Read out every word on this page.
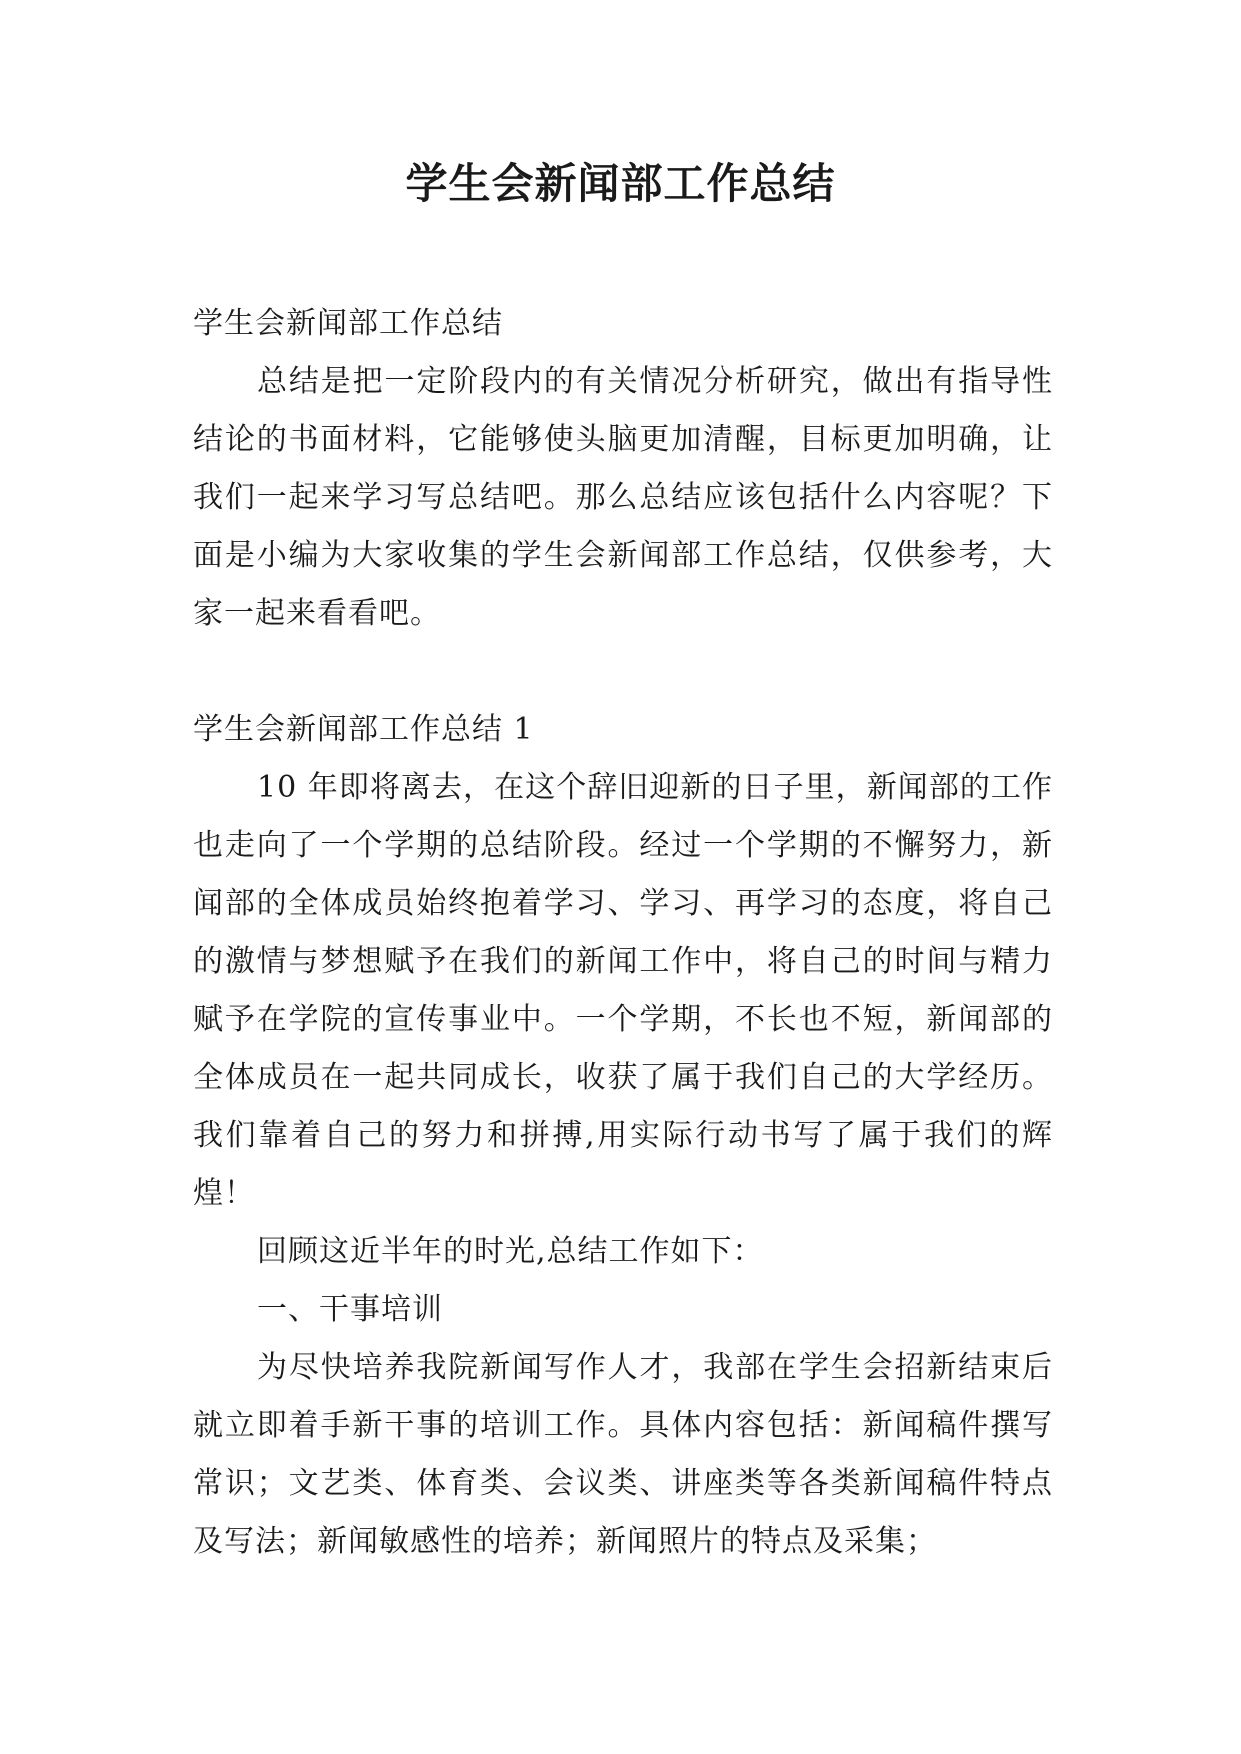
学生会新闻部工作总结

学生会新闻部工作总结

总结是把一定阶段内的有关情况分析研究，做出有指导性结论的书面材料，它能够使头脑更加清醒，目标更加明确，让我们一起来学习写总结吧。那么总结应该包括什么内容呢？下面是小编为大家收集的学生会新闻部工作总结，仅供参考，大家一起来看看吧。

学生会新闻部工作总结 1

10 年即将离去，在这个辞旧迎新的日子里，新闻部的工作也走向了一个学期的总结阶段。经过一个学期的不懈努力，新闻部的全体成员始终抱着学习、学习、再学习的态度，将自己的激情与梦想赋予在我们的新闻工作中，将自己的时间与精力赋予在学院的宣传事业中。一个学期，不长也不短，新闻部的全体成员在一起共同成长，收获了属于我们自己的大学经历。我们靠着自己的努力和拼搏,用实际行动书写了属于我们的辉煌！

回顾这近半年的时光,总结工作如下：

一、干事培训

为尽快培养我院新闻写作人才，我部在学生会招新结束后就立即着手新干事的培训工作。具体内容包括：新闻稿件撰写常识；文艺类、体育类、会议类、讲座类等各类新闻稿件特点及写法；新闻敏感性的培养；新闻照片的特点及采集；
